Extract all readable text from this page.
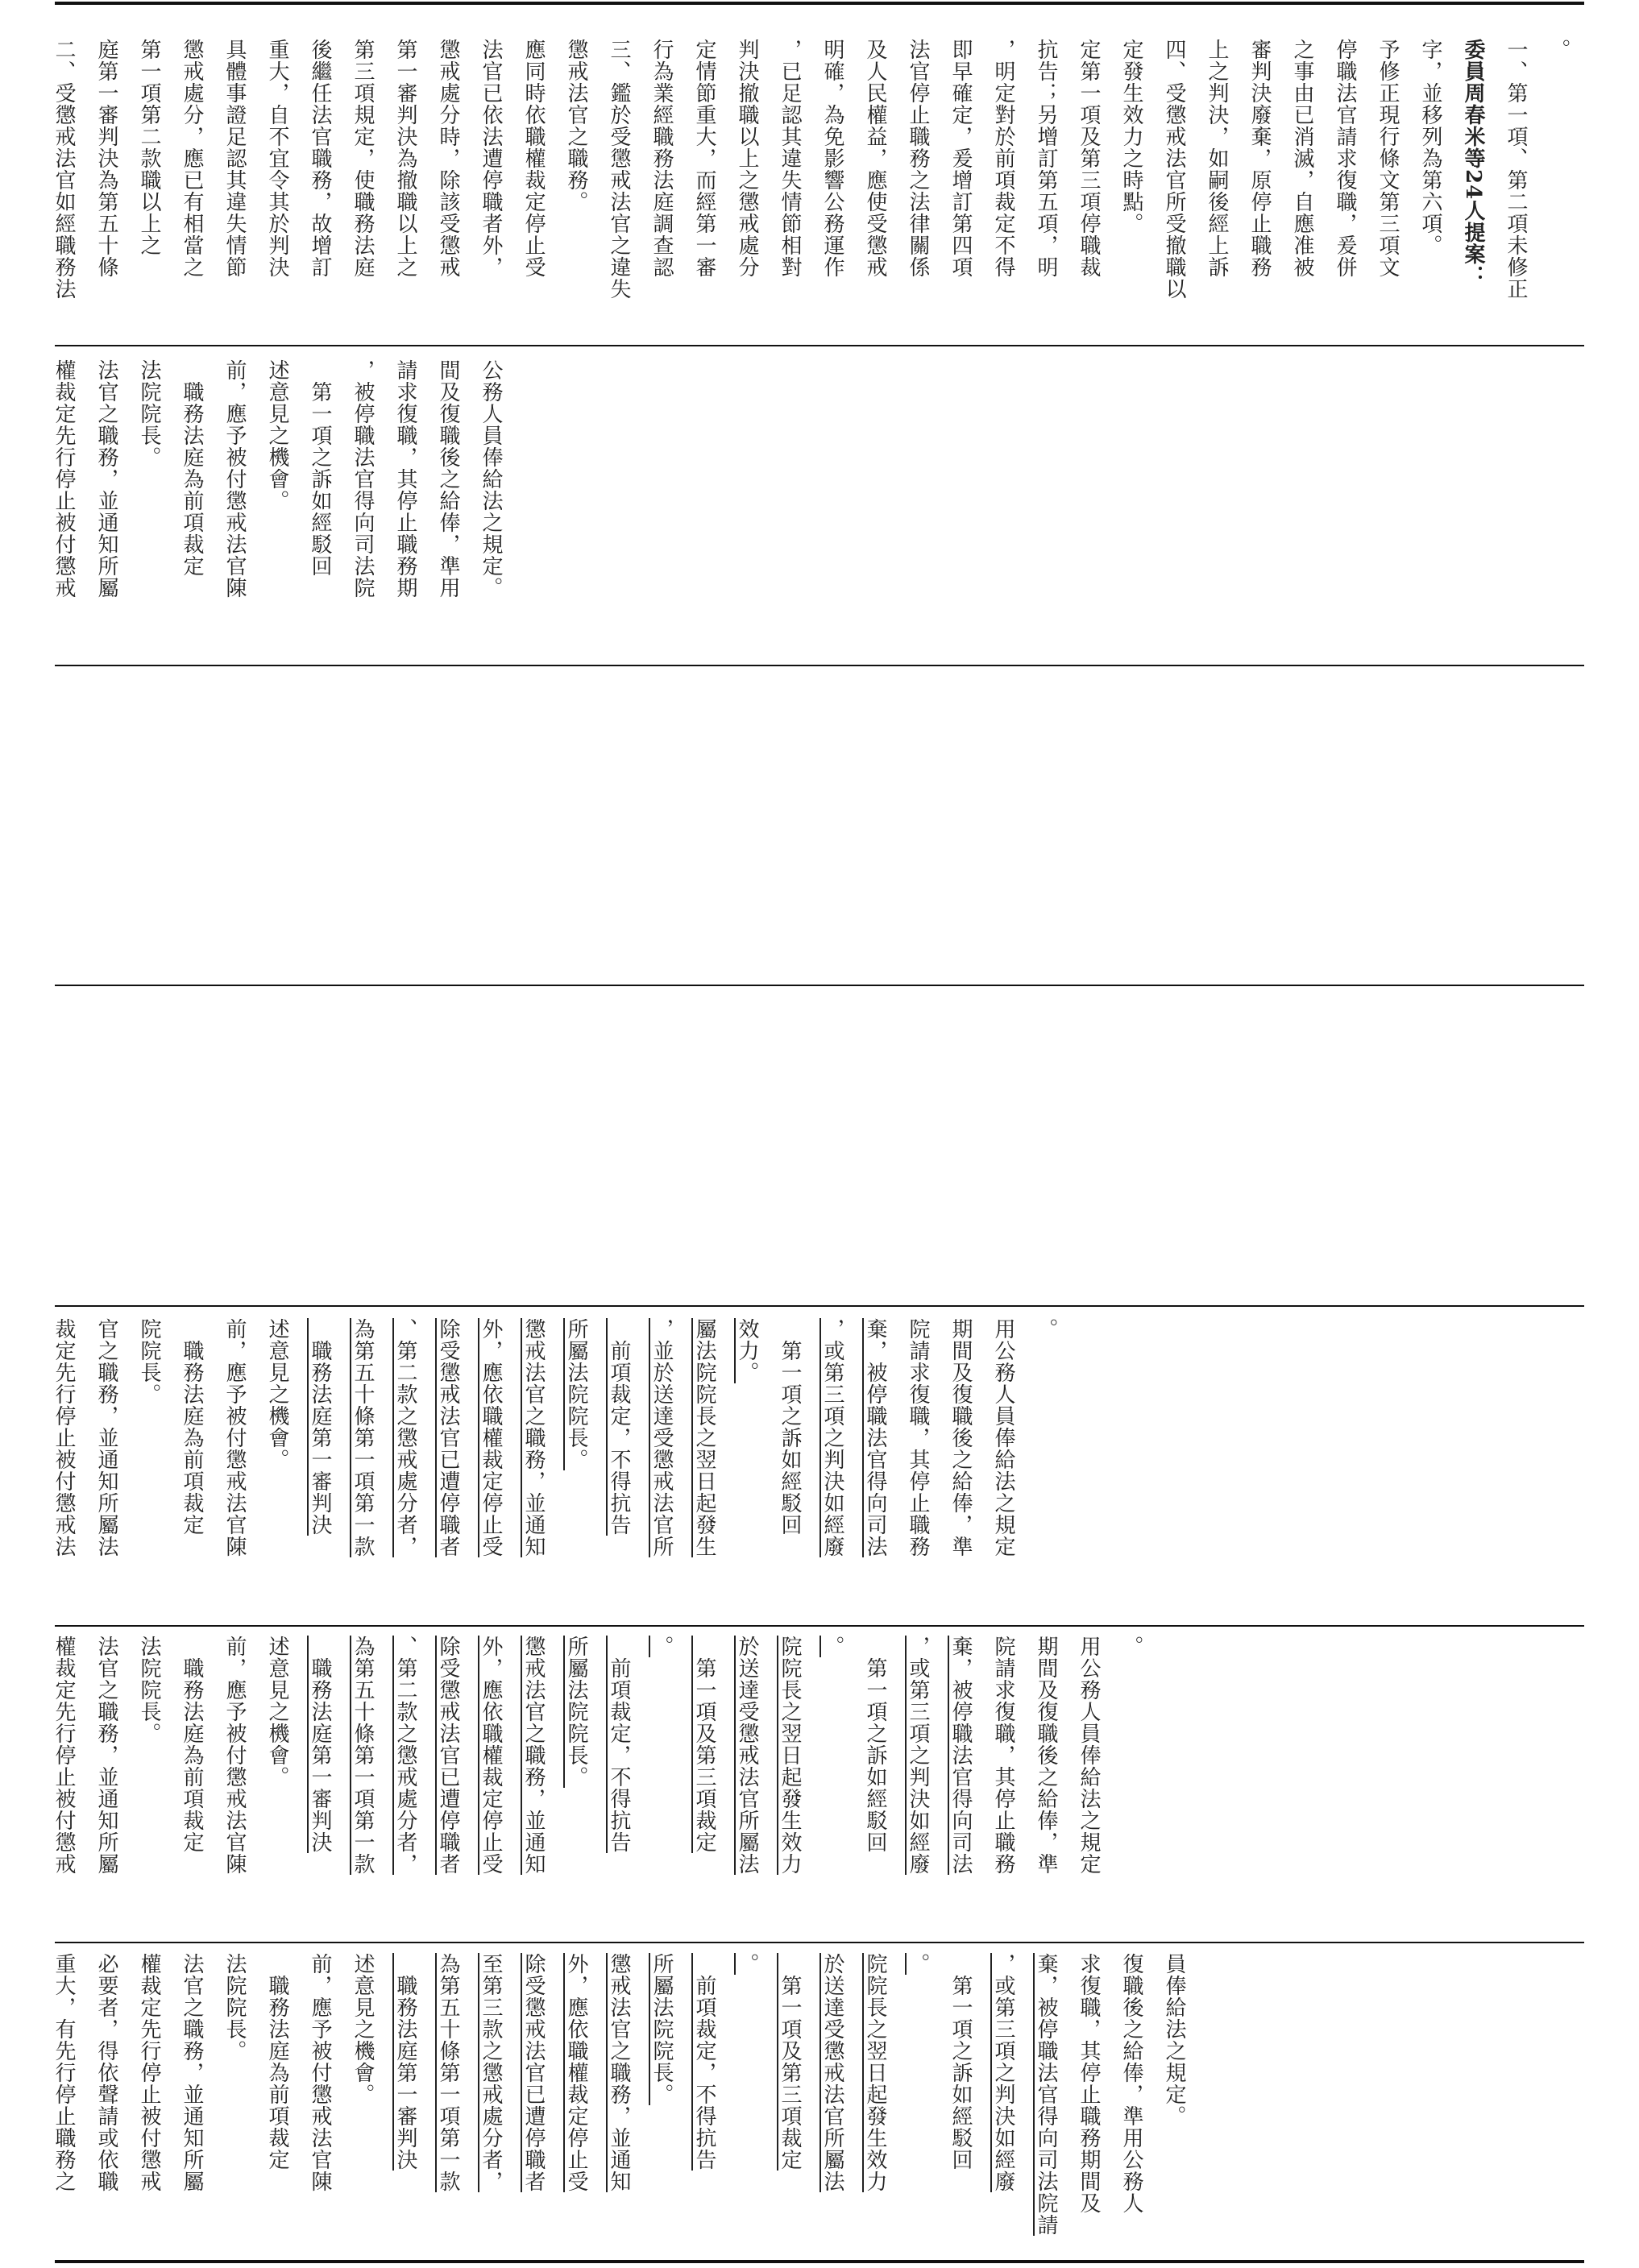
二、受懲戒法官如經職務法 庭第一審判決為第五十條 第一項第二款職以上之 懲戒處分，應已有相當之 具體事證足認其違失情節 重大，自不宜令其於判決 後繼任法官職務，故增訂 第三項規定，使職務法庭 第一審判決為撤職以上之 懲戒處分時，除該受懲戒 法官已依法遭停職者外， 應同時依職權裁定停止受 懲戒法官之職務。 三、鑑於受懲戒法官之違失 行為業經職務法庭調查認 定情節重大，而經第一審 判決撤職以上之懲戒處分 ，已足認其違失情節相對 明確，為免影響公務運作 及人民權益，應使受懲戒 法官停止職務之法律關係 即早確定，爰增訂第四項 ，明定對於前項裁定不得 抗告；另增訂第五項，明 定第一項及第三項停職裁 定發生效力之時點。 四、受懲戒法官所受撤職以 上之判決，如嗣後經上訴 審判決廢棄，原停止職務 之事由已消滅，自應准被 停職法官請求復職，爰併 予修正現行條文第三項文 字，並移列為第六項。 委員周春米等24人提案： 一、第一項、第二項未修正 。
權裁定先行停止被付懲戒 法官之職務，並通知所屬 法院院長。 　職務法庭為前項裁定 前，應予被付懲戒法官陳 述意見之機會。 　第一項之訴如經駁回 ，被停職法官得向司法院 請求復職，其停止職務期 間及復職後之給俸，準用 公務人員俸給法之規定。
裁定先行停止被付懲戒法 官之職務，並通知所屬法 院院長。 　職務法庭為前項裁定 前，應予被付懲戒法官陳 述意見之機會。 　職務法庭第一審判決 為第五十條第一項第一款 、第二款之懲戒處分者， 除受懲戒法官已遭停職者 外，應依職權裁定停止受 懲戒法官之職務，並通知 所屬法院院長。 　前項裁定，不得抗告 ，並於送達受懲戒法官所 屬法院院長之翌日起發生 效力。 　第一項之訴如經駁回 ，或第三項之判決如經廢 棄，被停職法官得向司法 院請求復職，其停止職務 期間及復職後之給俸，準 用公務人員俸給法之規定 。
權裁定先行停止被付懲戒 法官之職務，並通知所屬 法院院長。 　職務法庭為前項裁定 前，應予被付懲戒法官陳 述意見之機會。 　職務法庭第一審判決 為第五十條第一項第一款 、第二款之懲戒處分者， 除受懲戒法官已遭停職者 外，應依職權裁定停止受 懲戒法官之職務，並通知 所屬法院院長。 　前項裁定，不得抗告 。 　第一項及第三項裁定 於送達受懲戒法官所屬法 院院長之翌日起發生效力 。 　第一項之訴如經駁回 ，或第三項之判決如經廢 棄，被停職法官得向司法 院請求復職，其停止職務 期間及復職後之給俸，準 用公務人員俸給法之規定 。
重大，有先行停止職務之 必要者，得依聲請或依職 權裁定先行停止被付懲戒 法官之職務，並通知所屬 法院院長。 　職務法庭為前項裁定 前，應予被付懲戒法官陳 述意見之機會。 　職務法庭第一審判決 為第五十條第一項第一款 至第三款之懲戒處分者， 除受懲戒法官已遭停職者 外，應依職權裁定停止受 懲戒法官之職務，並通知 所屬法院院長。 　前項裁定，不得抗告 。 　第一項及第三項裁定 於送達受懲戒法官所屬法 院院長之翌日起發生效力 。 　第一項之訴如經駁回 ，或第三項之判決如經廢 棄，被停職法官得向司法院請 求復職，其停止職務期間及 復職後之給俸，準用公務人 員俸給法之規定。
